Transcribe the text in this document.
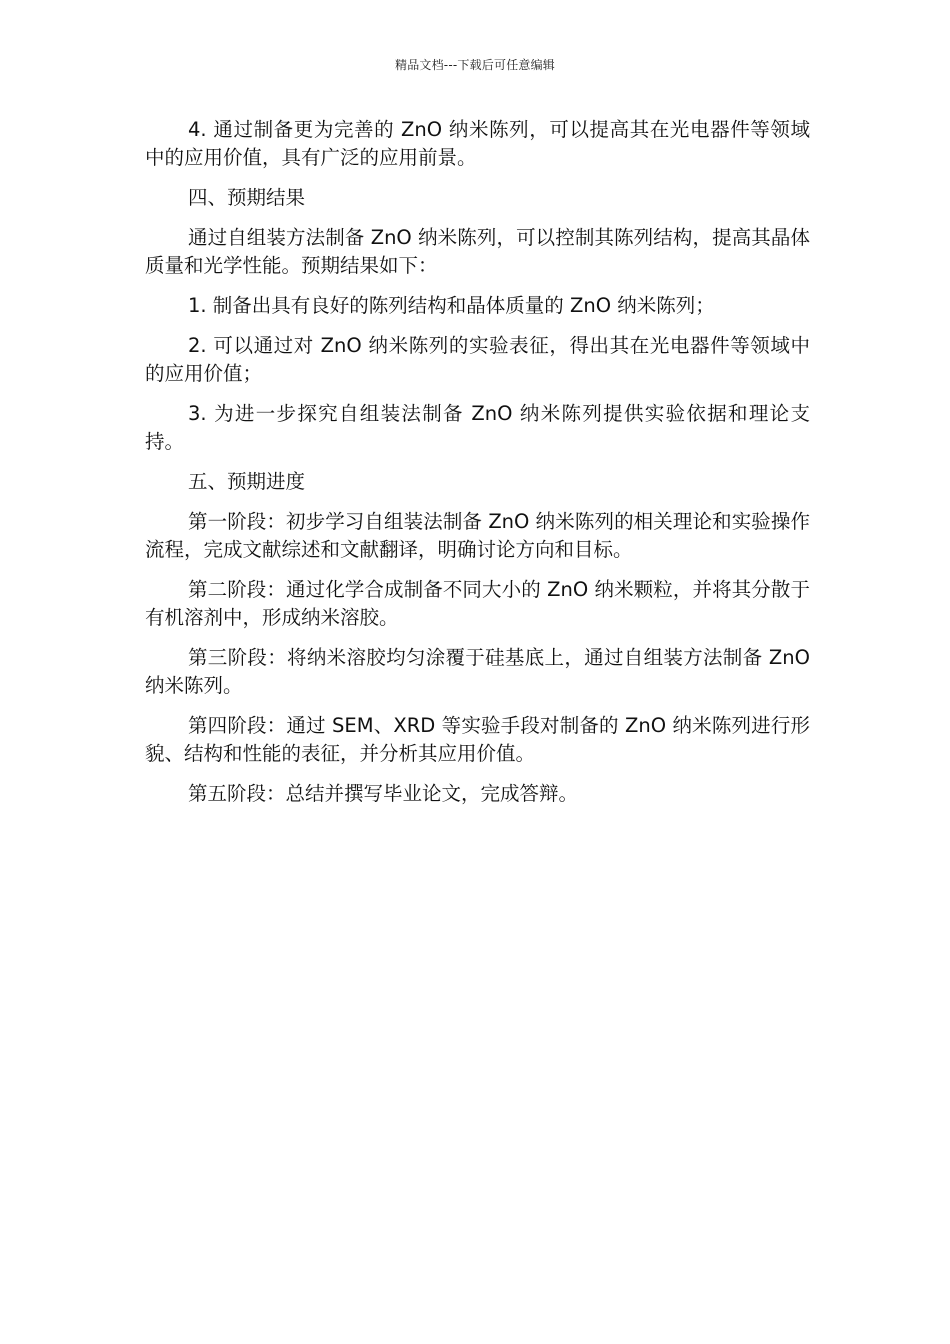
精品文档---下载后可任意编辑

4. 通过制备更为完善的 ZnO 纳米陈列，可以提高其在光电器件等领域中的应用价值，具有广泛的应用前景。

四、预期结果

通过自组装方法制备 ZnO 纳米陈列，可以控制其陈列结构，提高其晶体质量和光学性能。预期结果如下：

1. 制备出具有良好的陈列结构和晶体质量的 ZnO 纳米陈列；

2. 可以通过对 ZnO 纳米陈列的实验表征，得出其在光电器件等领域中的应用价值；

3. 为进一步探究自组装法制备 ZnO 纳米陈列提供实验依据和理论支持。

五、预期进度

第一阶段：初步学习自组装法制备 ZnO 纳米陈列的相关理论和实验操作流程，完成文献综述和文献翻译，明确讨论方向和目标。

第二阶段：通过化学合成制备不同大小的 ZnO 纳米颗粒，并将其分散于有机溶剂中，形成纳米溶胶。

第三阶段：将纳米溶胶均匀涂覆于硅基底上，通过自组装方法制备 ZnO 纳米陈列。

第四阶段：通过 SEM、XRD 等实验手段对制备的 ZnO 纳米陈列进行形貌、结构和性能的表征，并分析其应用价值。

第五阶段：总结并撰写毕业论文，完成答辩。
